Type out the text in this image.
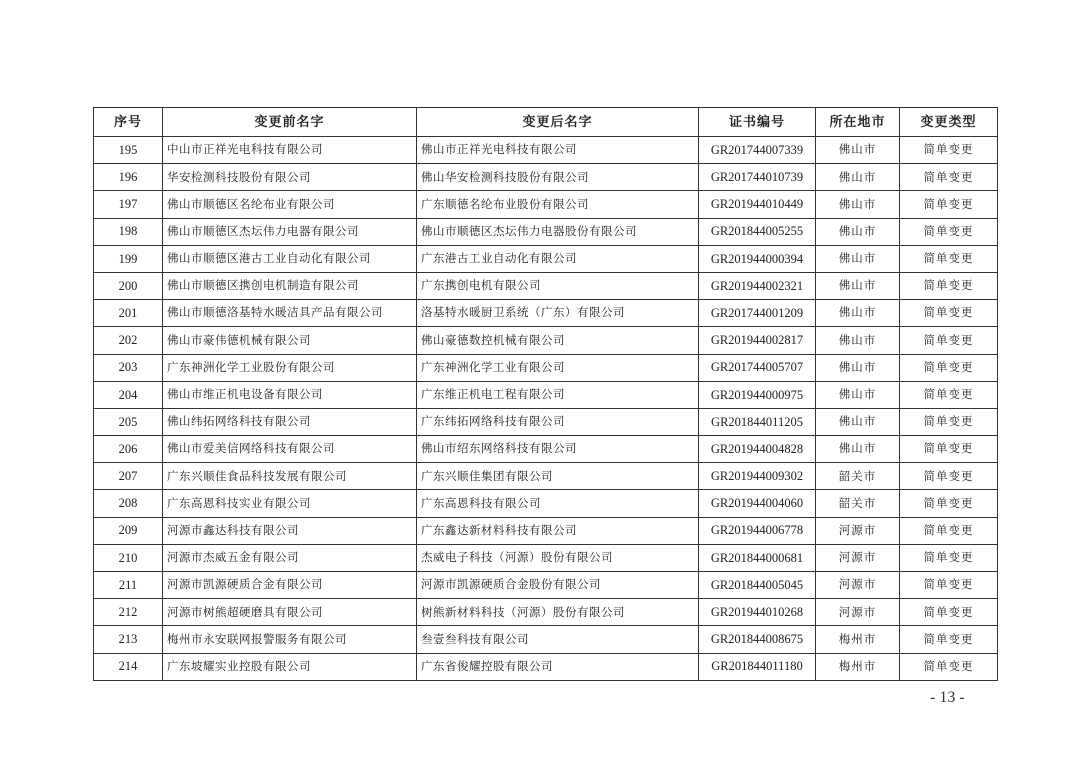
序号	变更前名字	变更后名字	证书编号	所在地市	变更类型
195	中山市正祥光电科技有限公司	佛山市正祥光电科技有限公司	GR201744007339	佛山市	简单变更
196	华安检测科技股份有限公司	佛山华安检测科技股份有限公司	GR201744010739	佛山市	简单变更
197	佛山市顺德区名纶布业有限公司	广东顺德名纶布业股份有限公司	GR201944010449	佛山市	简单变更
198	佛山市顺德区杰坛伟力电器有限公司	佛山市顺德区杰坛伟力电器股份有限公司	GR201844005255	佛山市	简单变更
199	佛山市顺德区港古工业自动化有限公司	广东港古工业自动化有限公司	GR201944000394	佛山市	简单变更
200	佛山市顺德区携创电机制造有限公司	广东携创电机有限公司	GR201944002321	佛山市	简单变更
201	佛山市顺德洛基特水暖洁具产品有限公司	洛基特水暖厨卫系统（广东）有限公司	GR201744001209	佛山市	简单变更
202	佛山市豪伟德机械有限公司	佛山豪德数控机械有限公司	GR201944002817	佛山市	简单变更
203	广东神洲化学工业股份有限公司	广东神洲化学工业有限公司	GR201744005707	佛山市	简单变更
204	佛山市维正机电设备有限公司	广东维正机电工程有限公司	GR201944000975	佛山市	简单变更
205	佛山纬拓网络科技有限公司	广东纬拓网络科技有限公司	GR201844011205	佛山市	简单变更
206	佛山市爱美信网络科技有限公司	佛山市绍东网络科技有限公司	GR201944004828	佛山市	简单变更
207	广东兴顺佳食品科技发展有限公司	广东兴顺佳集团有限公司	GR201944009302	韶关市	简单变更
208	广东高恩科技实业有限公司	广东高恩科技有限公司	GR201944004060	韶关市	简单变更
209	河源市鑫达科技有限公司	广东鑫达新材料科技有限公司	GR201944006778	河源市	简单变更
210	河源市杰威五金有限公司	杰威电子科技（河源）股份有限公司	GR201844000681	河源市	简单变更
211	河源市凯源硬质合金有限公司	河源市凯源硬质合金股份有限公司	GR201844005045	河源市	简单变更
212	河源市树熊超硬磨具有限公司	树熊新材料科技（河源）股份有限公司	GR201944010268	河源市	简单变更
213	梅州市永安联网报警服务有限公司	叁壹叁科技有限公司	GR201844008675	梅州市	简单变更
214	广东坡耀实业控股有限公司	广东省俊耀控股有限公司	GR201844011180	梅州市	简单变更
- 13 -
